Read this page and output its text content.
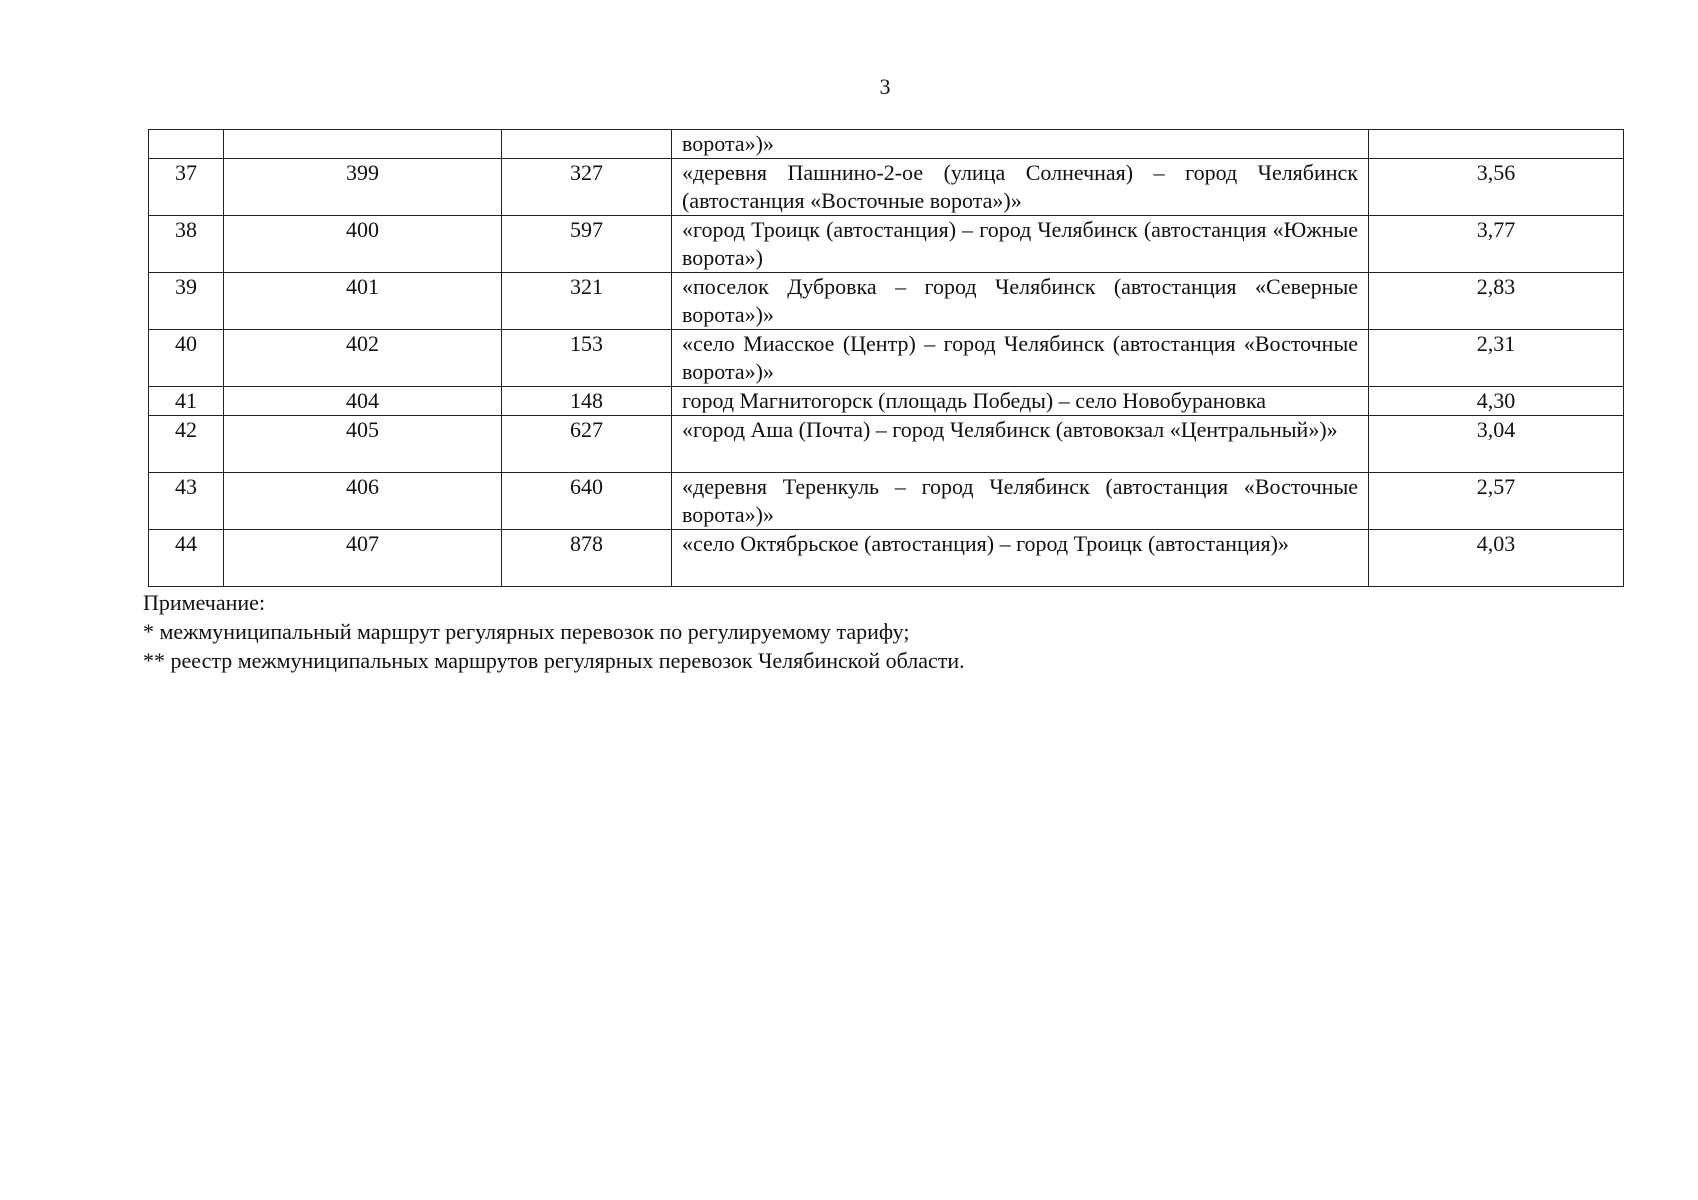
3
			ворота»)»	
37	399	327	«деревня Пашнино-2-ое (улица Солнечная) – город Челябинск (автостанция «Восточные ворота»)»	3,56
38	400	597	«город Троицк (автостанция) – город Челябинск (автостанция «Южные ворота»)	3,77
39	401	321	«поселок Дубровка – город Челябинск (автостанция «Северные ворота»)»	2,83
40	402	153	«село Миасское (Центр) – город Челябинск (автостанция «Восточные ворота»)»	2,31
41	404	148	город Магнитогорск (площадь Победы) – село Новобурановка	4,30
42	405	627	«город Аша (Почта) – город Челябинск (автовокзал «Центральный»)»	3,04
43	406	640	«деревня Теренкуль – город Челябинск (автостанция «Восточные ворота»)»	2,57
44	407	878	«село Октябрьское (автостанция) – город Троицк (автостанция)»	4,03
Примечание:
* межмуниципальный маршрут регулярных перевозок по регулируемому тарифу;
** реестр межмуниципальных маршрутов регулярных перевозок Челябинской области.
